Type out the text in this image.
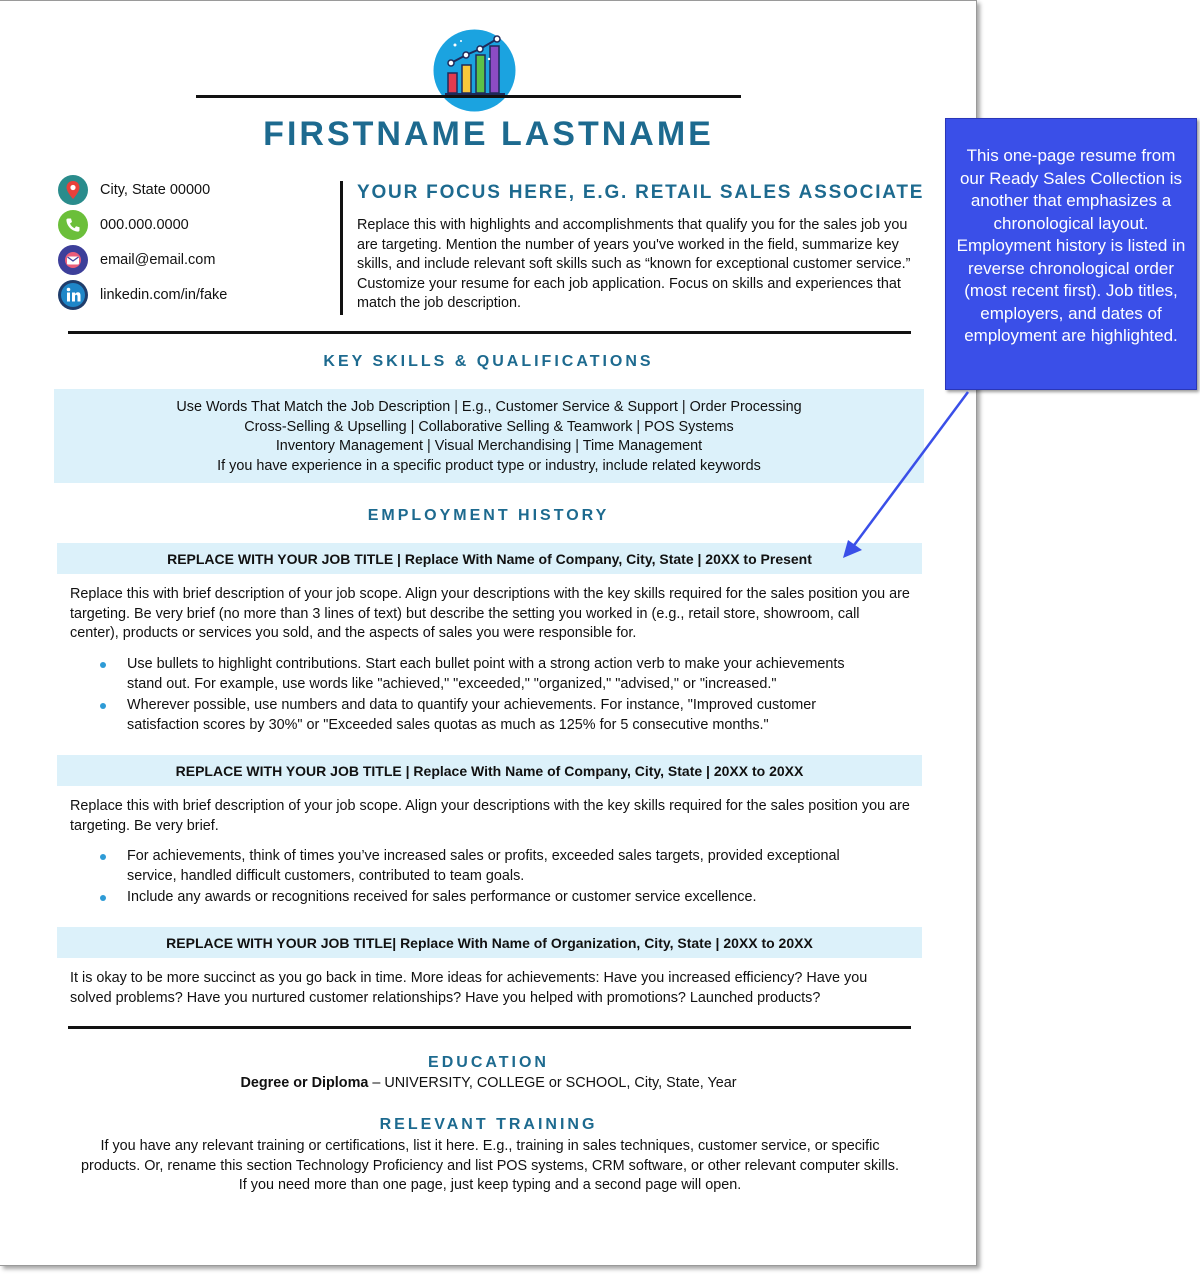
FIRSTNAME LASTNAME
City, State 00000
000.000.0000
email@email.com
linkedin.com/in/fake
YOUR FOCUS HERE, E.G. RETAIL SALES ASSOCIATE
Replace this with highlights and accomplishments that qualify you for the sales job you are targeting. Mention the number of years you've worked in the field, summarize key skills, and include relevant soft skills such as “known for exceptional customer service.” Customize your resume for each job application. Focus on skills and experiences that match the job description.
KEY SKILLS & QUALIFICATIONS
Use Words That Match the Job Description | E.g., Customer Service & Support | Order Processing
Cross-Selling & Upselling | Collaborative Selling & Teamwork | POS Systems
Inventory Management | Visual Merchandising | Time Management
If you have experience in a specific product type or industry, include related keywords
EMPLOYMENT HISTORY
REPLACE WITH YOUR JOB TITLE | Replace With Name of Company, City, State | 20XX to Present
Replace this with brief description of your job scope. Align your descriptions with the key skills required for the sales position you are targeting. Be very brief (no more than 3 lines of text) but describe the setting you worked in (e.g., retail store, showroom, call center), products or services you sold, and the aspects of sales you were responsible for.
Use bullets to highlight contributions. Start each bullet point with a strong action verb to make your achievements stand out. For example, use words like "achieved," "exceeded," "organized," "advised," or "increased."
Wherever possible, use numbers and data to quantify your achievements. For instance, "Improved customer satisfaction scores by 30%" or "Exceeded sales quotas as much as 125% for 5 consecutive months."
REPLACE WITH YOUR JOB TITLE | Replace With Name of Company, City, State | 20XX to 20XX
Replace this with brief description of your job scope. Align your descriptions with the key skills required for the sales position you are targeting. Be very brief.
For achievements, think of times you’ve increased sales or profits, exceeded sales targets, provided exceptional service, handled difficult customers, contributed to team goals.
Include any awards or recognitions received for sales performance or customer service excellence.
REPLACE WITH YOUR JOB TITLE| Replace With Name of Organization, City, State | 20XX to 20XX
It is okay to be more succinct as you go back in time. More ideas for achievements: Have you increased efficiency? Have you solved problems? Have you nurtured customer relationships? Have you helped with promotions? Launched products?
EDUCATION
Degree or Diploma – UNIVERSITY, COLLEGE or SCHOOL, City, State, Year
RELEVANT TRAINING
If you have any relevant training or certifications, list it here. E.g., training in sales techniques, customer service, or specific products. Or, rename this section Technology Proficiency and list POS systems, CRM software, or other relevant computer skills. If you need more than one page, just keep typing and a second page will open.
This one-page resume from our Ready Sales Collection is another that emphasizes a chronological layout. Employment history is listed in reverse chronological order (most recent first). Job titles, employers, and dates of employment are highlighted.
